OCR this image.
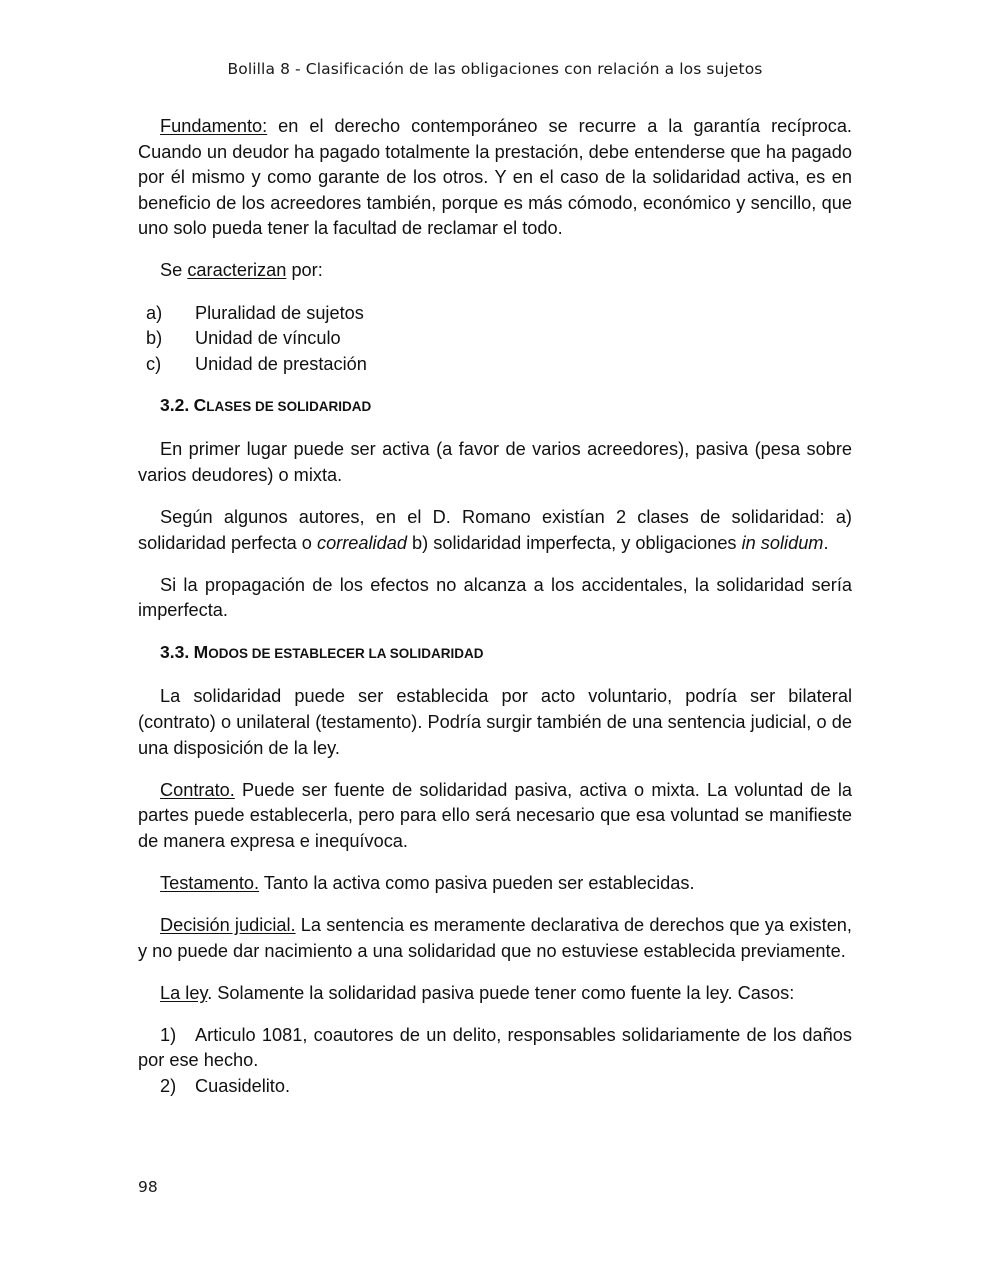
Bolilla 8 - Clasificación de las obligaciones con relación a los sujetos

Fundamento: en el derecho contemporáneo se recurre a la garantía recíproca. Cuando un deudor ha pagado totalmente la prestación, debe entenderse que ha pagado por él mismo y como garante de los otros. Y en el caso de la solidaridad activa, es en beneficio de los acreedores también, porque es más cómodo, económico y sencillo, que uno solo pueda tener la facultad de reclamar el todo.

Se caracterizan por:

a)	Pluralidad de sujetos
b)	Unidad de vínculo
c)	Unidad de prestación
3.2. CLASES DE SOLIDARIDAD

En primer lugar puede ser activa (a favor de varios acreedores), pasiva (pesa sobre varios deudores) o mixta.

Según algunos autores, en el D. Romano existían 2 clases de solidaridad: a) solidaridad perfecta o correalidad b) solidaridad imperfecta, y obligaciones in solidum.

Si la propagación de los efectos no alcanza a los accidentales, la solidaridad sería imperfecta.

3.3. MODOS DE ESTABLECER LA SOLIDARIDAD

La solidaridad puede ser establecida por acto voluntario, podría ser bilateral (contrato) o unilateral (testamento). Podría surgir también de una sentencia judicial, o de una disposición de la ley.

Contrato. Puede ser fuente de solidaridad pasiva, activa o mixta. La voluntad de la partes puede establecerla, pero para ello será necesario que esa voluntad se manifieste de manera expresa e inequívoca.

Testamento. Tanto la activa como pasiva pueden ser establecidas.

Decisión judicial. La sentencia es meramente declarativa de derechos que ya existen, y no puede dar nacimiento a una solidaridad que no estuviese establecida previamente.

La ley. Solamente la solidaridad pasiva puede tener como fuente la ley. Casos:

1) Articulo 1081, coautores de un delito, responsables solidariamente de los daños por ese hecho.

2) Cuasidelito.

98
